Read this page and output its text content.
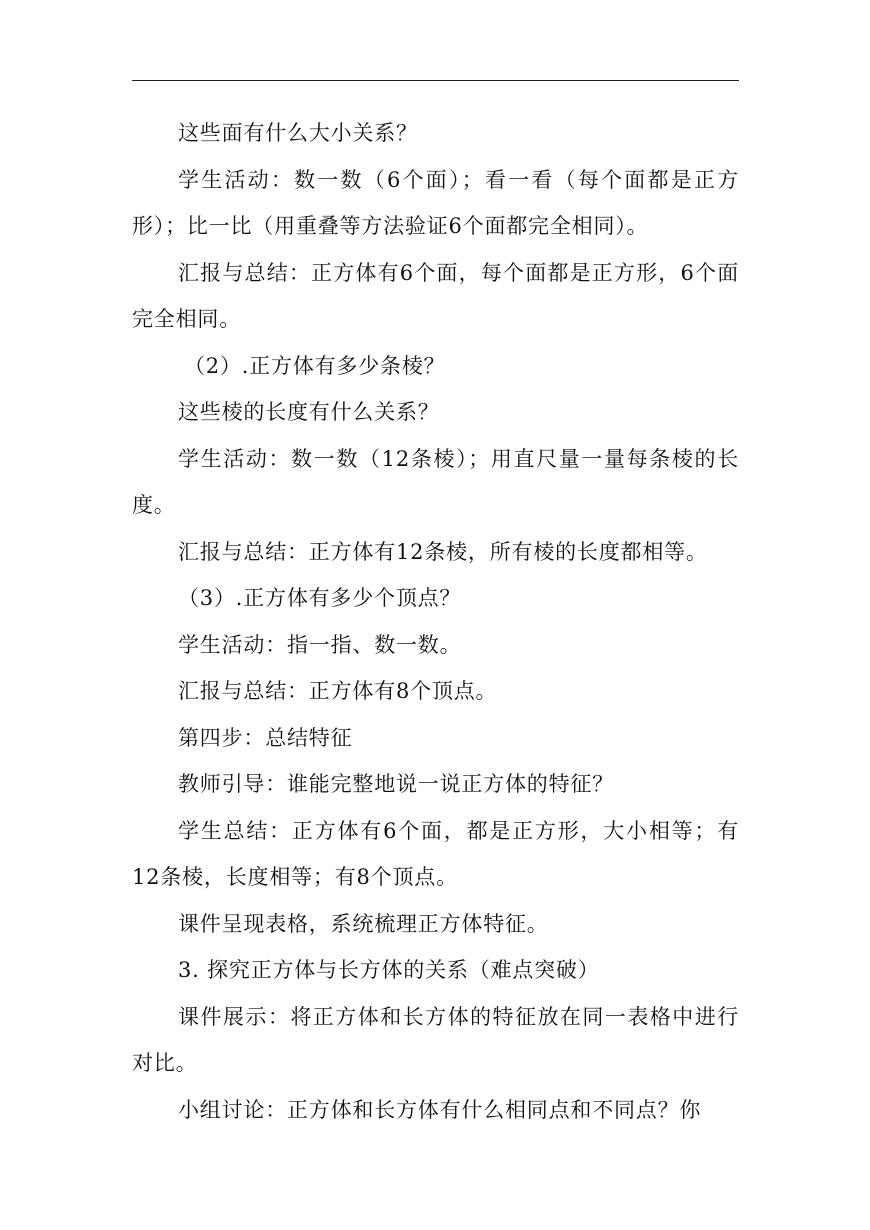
这些面有什么大小关系？

学生活动：数一数（6个面）；看一看（每个面都是正方形）；比一比（用重叠等方法验证6个面都完全相同）。

汇报与总结：正方体有6个面，每个面都是正方形，6个面完全相同。

（2）.正方体有多少条棱？

这些棱的长度有什么关系？

学生活动：数一数（12条棱）；用直尺量一量每条棱的长度。

汇报与总结：正方体有12条棱，所有棱的长度都相等。

（3）.正方体有多少个顶点？

学生活动：指一指、数一数。

汇报与总结：正方体有8个顶点。

第四步：总结特征

教师引导：谁能完整地说一说正方体的特征？

学生总结：正方体有6个面，都是正方形，大小相等；有12条棱，长度相等；有8个顶点。

课件呈现表格，系统梳理正方体特征。

3. 探究正方体与长方体的关系（难点突破）

课件展示：将正方体和长方体的特征放在同一表格中进行对比。

小组讨论：正方体和长方体有什么相同点和不同点？你
